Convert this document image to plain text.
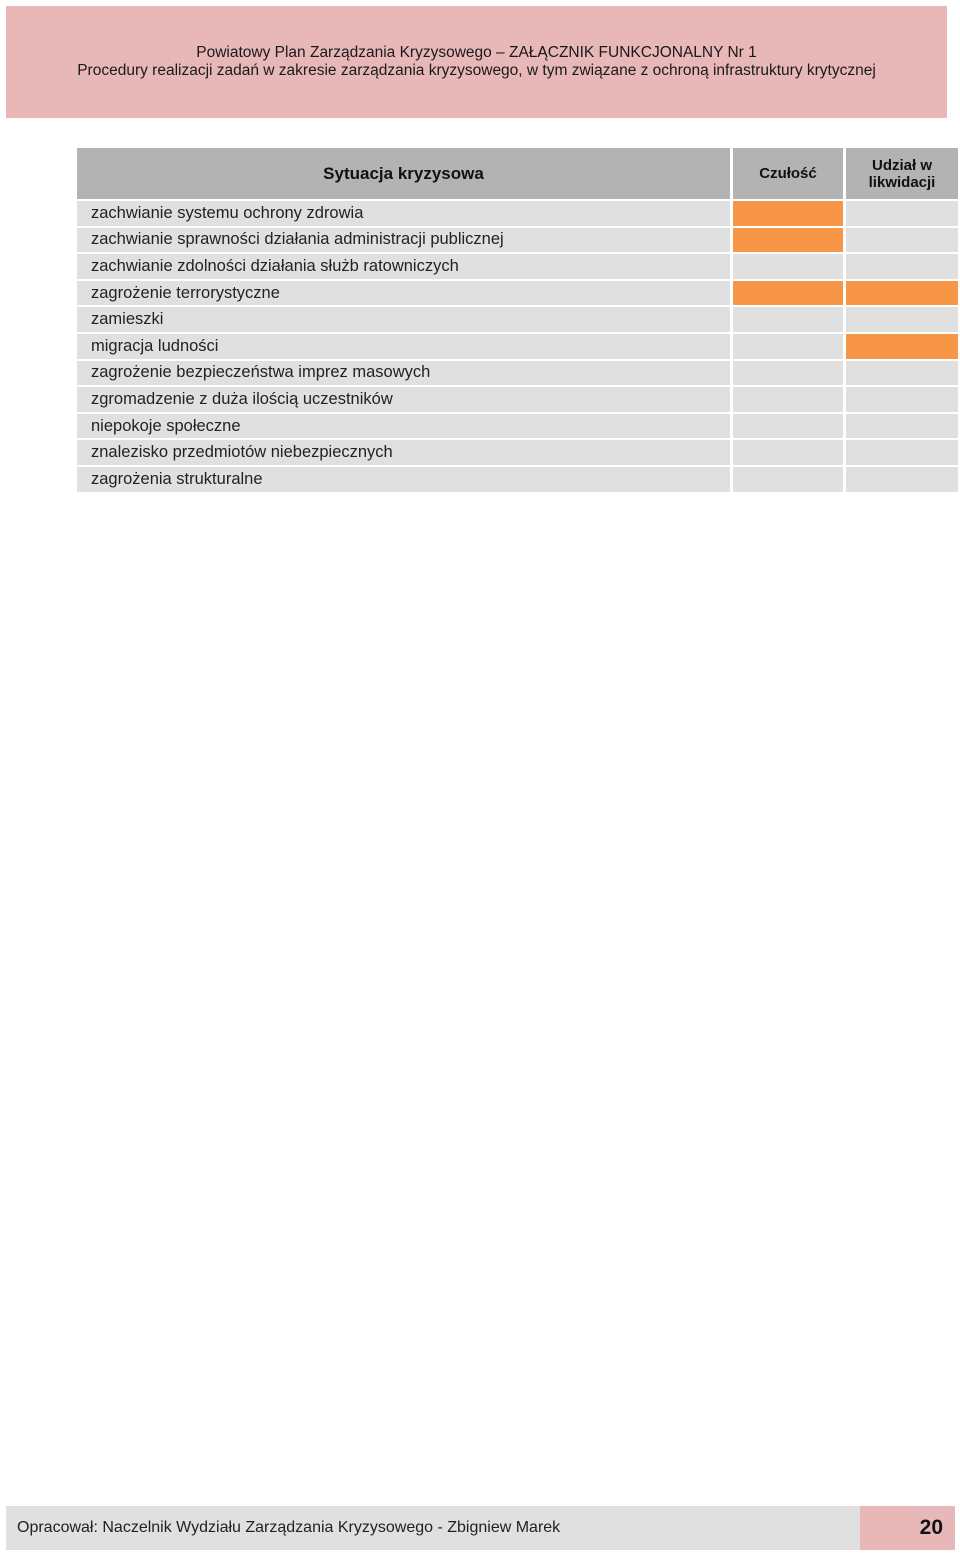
Powiatowy Plan Zarządzania Kryzysowego – ZAŁĄCZNIK FUNKCJONALNY Nr 1
Procedury realizacji zadań w zakresie zarządzania kryzysowego, w tym związane z ochroną infrastruktury krytycznej
Sytuacja kryzysowa	Czułość	Udział w likwidacji
zachwianie systemu ochrony zdrowia
zachwianie sprawności działania administracji publicznej
zachwianie zdolności działania służb ratowniczych
zagrożenie terrorystyczne
zamieszki
migracja ludności
zagrożenie bezpieczeństwa imprez masowych
zgromadzenie z duża ilością uczestników
niepokoje społeczne
znalezisko przedmiotów niebezpiecznych
zagrożenia strukturalne
Opracował: Naczelnik Wydziału Zarządzania Kryzysowego - Zbigniew Marek	20
